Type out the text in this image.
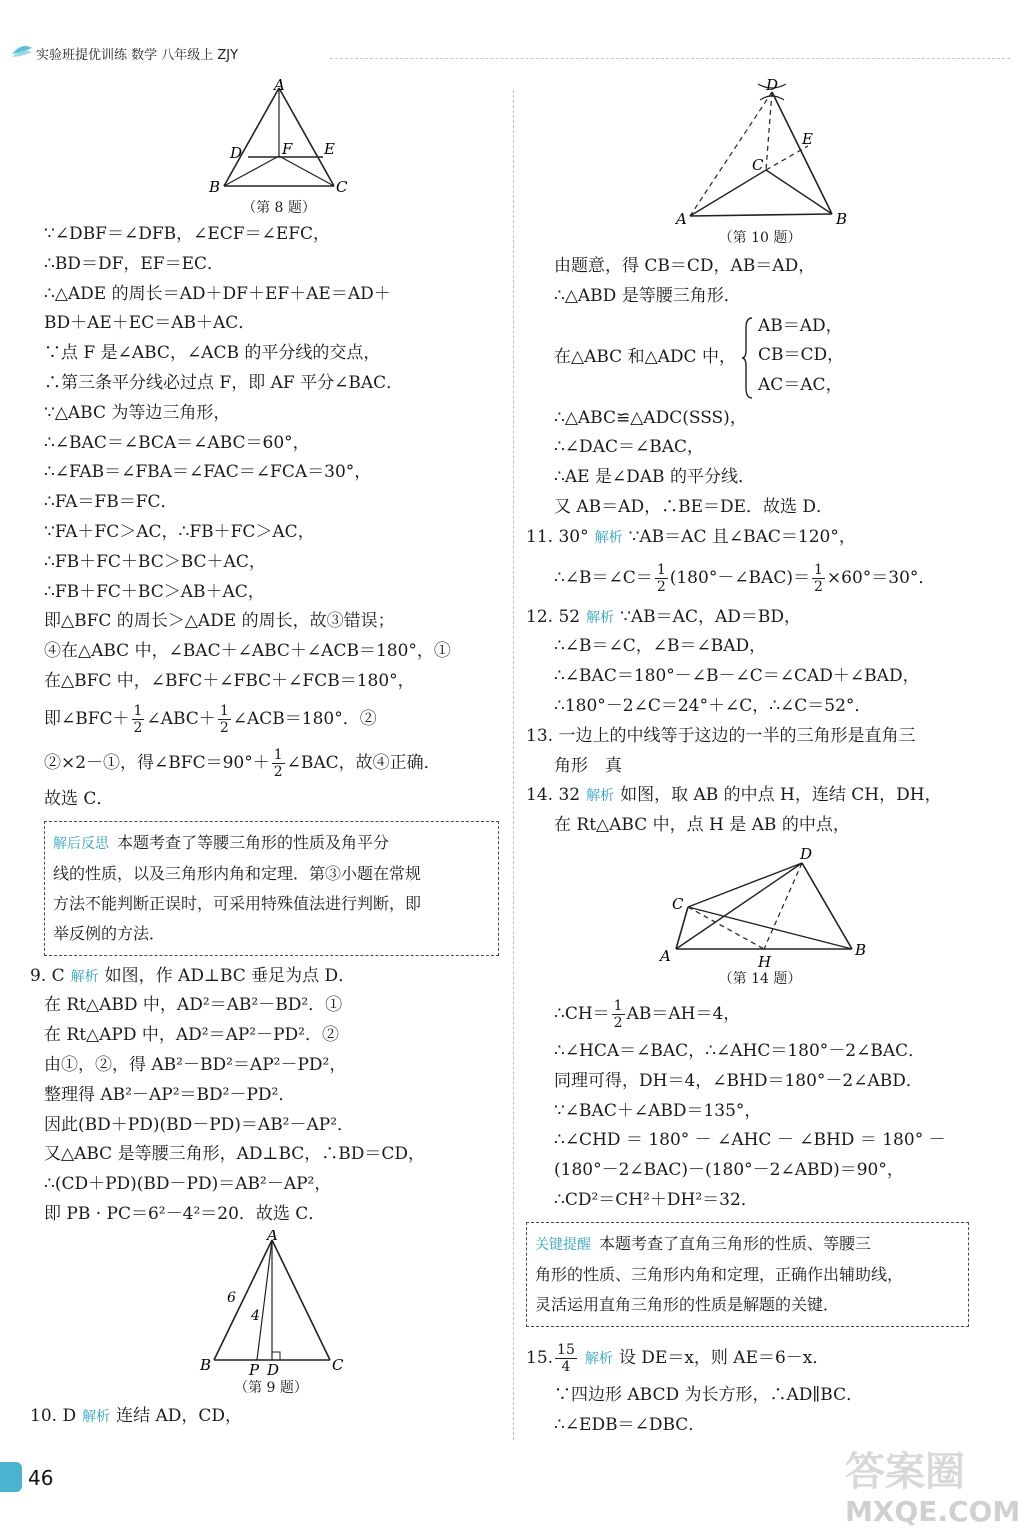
实验班提优训练 数学 八年级上 ZJY
A
D	F E
B	C
（第 8 题）
∵∠DBF＝∠DFB，∠ECF＝∠EFC，
∴BD＝DF，EF＝EC．
∴△ADE 的周长＝AD＋DF＋EF＋AE＝AD＋
BD＋AE＋EC＝AB＋AC．
∵点 F 是∠ABC，∠ACB 的平分线的交点，
∴第三条平分线必过点 F，即 AF 平分∠BAC．
∵△ABC 为等边三角形，
∴∠BAC＝∠BCA＝∠ABC＝60°，
∴∠FAB＝∠FBA＝∠FAC＝∠FCA＝30°，
∴FA＝FB＝FC．
∵FA＋FC＞AC，∴FB＋FC＞AC，
∴FB＋FC＋BC＞BC＋AC，
∴FB＋FC＋BC＞AB＋AC，
即△BFC 的周长＞△ADE 的周长，故③错误；
④在△ABC 中，∠BAC＋∠ABC＋∠ACB＝180°，①
在△BFC 中，∠BFC＋∠FBC＋∠FCB＝180°，
即∠BFC＋ $\frac{1}{2}$ ∠ABC＋ $\frac{1}{2}$ ∠ACB＝180°．②
②×2－①，得∠BFC＝90°＋ $\frac{1}{2}$ ∠BAC，故④正确．
故选 C．
解后反思 本题考查了等腰三角形的性质及角平分
线的性质，以及三角形内角和定理．第③小题在常规
方法不能判断正误时，可采用特殊值法进行判断，即
举反例的方法．
9. C 解析 如图，作 AD⊥BC 垂足为点 D．
在 Rt△ABD 中，AD²＝AB²－BD²．①
在 Rt△APD 中，AD²＝AP²－PD²．②
由①，②，得 AB²－BD²＝AP²－PD²，
整理得 AB²－AP²＝BD²－PD²．
因此(BD＋PD)(BD－PD)＝AB²－AP²．
又△ABC 是等腰三角形，AD⊥BC，∴BD＝CD，
∴(CD＋PD)(BD－PD)＝AB²－AP²，
即 PB · PC＝6²－4²＝20．故选 C．
A
6
4
B	P D	C
（第 9 题）
10. D 解析 连结 AD，CD，
D
E
C
A	B
（第 10 题）
由题意，得 CB＝CD，AB＝AD，
∴△ABD 是等腰三角形．
在△ABC 和△ADC 中，
AB＝AD，
CB＝CD，
AC＝AC，
∴△ABC≌△ADC(SSS)，
∴∠DAC＝∠BAC，
∴AE 是∠DAB 的平分线．
又 AB＝AD，∴BE＝DE．故选 D．
11. 30° 解析 ∵AB＝AC 且∠BAC＝120°，
∴∠B＝∠C＝ $\frac{1}{2}$ (180°－∠BAC)＝ $\frac{1}{2} \times 60^\circ=30^\circ$．
12. 52 解析 ∵AB＝AC，AD＝BD，
∴∠B＝∠C，∠B＝∠BAD，
∴∠BAC＝180°－∠B－∠C＝∠CAD＋∠BAD，
∴180°－2∠C＝24°＋∠C，∴∠C＝52°．
13. 一边上的中线等于这边的一半的三角形是直角三
角形　真
14. 32 解析 如图，取 AB 的中点 H，连结 CH，DH，
在 Rt△ABC 中，点 H 是 AB 的中点，
D
C
A	H
B
（第 14 题）
∴CH＝ $\frac{1}{2} AB=AH=4$，
∴∠HCA＝∠BAC，∴∠AHC＝180°－2∠BAC．
同理可得，DH＝4，∠BHD＝180°－2∠ABD．
∵∠BAC＋∠ABD＝135°，
∴∠CHD ＝ 180° － ∠AHC － ∠BHD ＝ 180° －
(180°－2∠BAC)－(180°－2∠ABD)＝90°，
∴CD²＝CH²＋DH²＝32．
关键提醒 本题考查了直角三角形的性质、等腰三
角形的性质、三角形内角和定理，正确作出辅助线，
灵活运用直角三角形的性质是解题的关键．
15. $\frac{15}{4}$ 解析 设 DE＝x，则 AE＝6－x．
∵四边形 ABCD 为长方形，∴AD∥BC．
∴∠EDB＝∠DBC．
46	答案圈
MXQE.COM
